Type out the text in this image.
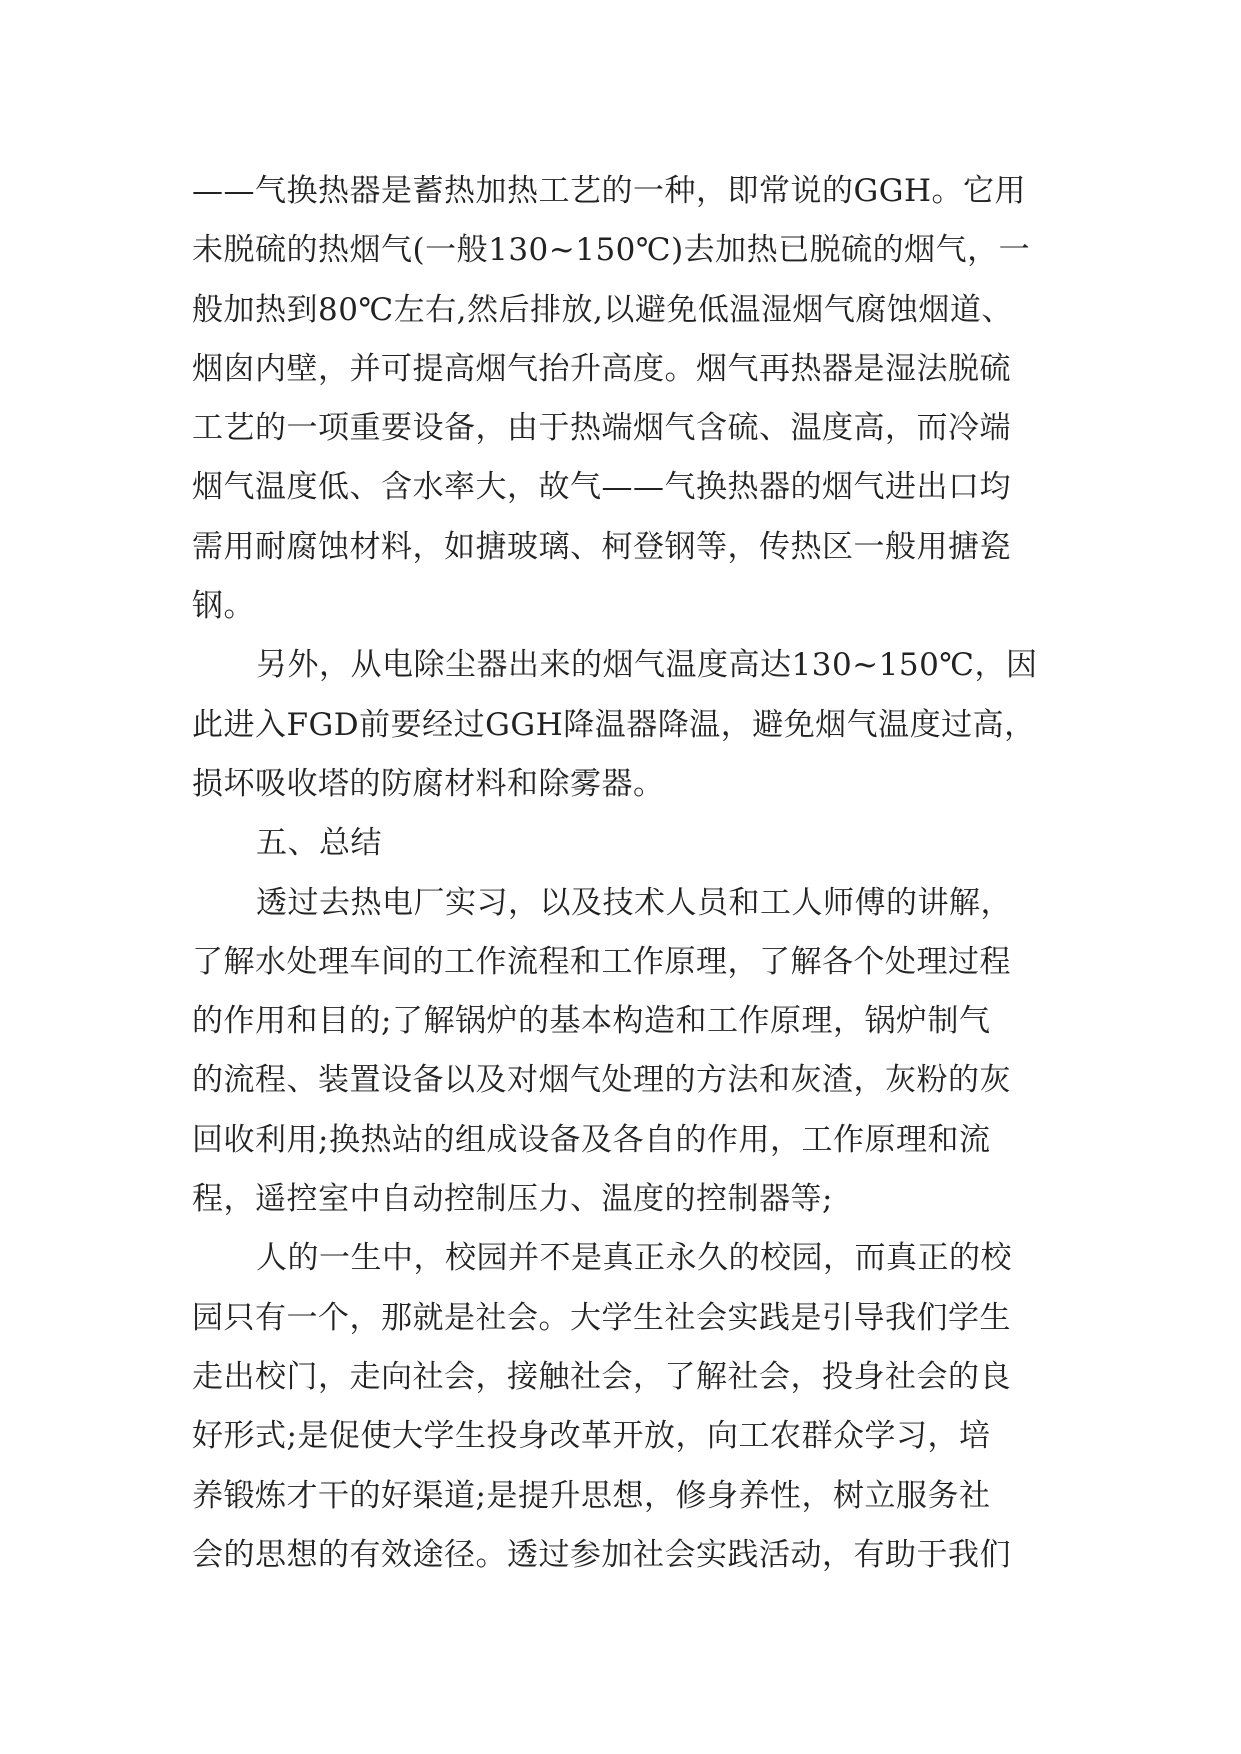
——气换热器是蓄热加热工艺的一种，即常说的GGH。它用
未脱硫的热烟气(一般130~150℃)去加热已脱硫的烟气，一
般加热到80℃左右,然后排放,以避免低温湿烟气腐蚀烟道、
烟囱内壁，并可提高烟气抬升高度。烟气再热器是湿法脱硫
工艺的一项重要设备，由于热端烟气含硫、温度高，而冷端
烟气温度低、含水率大，故气——气换热器的烟气进出口均
需用耐腐蚀材料，如搪玻璃、柯登钢等，传热区一般用搪瓷
钢。
另外，从电除尘器出来的烟气温度高达130~150℃，因
此进入FGD前要经过GGH降温器降温，避免烟气温度过高，
损坏吸收塔的防腐材料和除雾器。
五、总结
透过去热电厂实习，以及技术人员和工人师傅的讲解，
了解水处理车间的工作流程和工作原理，了解各个处理过程
的作用和目的;了解锅炉的基本构造和工作原理，锅炉制气
的流程、装置设备以及对烟气处理的方法和灰渣，灰粉的灰
回收利用;换热站的组成设备及各自的作用，工作原理和流
程，遥控室中自动控制压力、温度的控制器等;
人的一生中，校园并不是真正永久的校园，而真正的校
园只有一个，那就是社会。大学生社会实践是引导我们学生
走出校门，走向社会，接触社会，了解社会，投身社会的良
好形式;是促使大学生投身改革开放，向工农群众学习，培
养锻炼才干的好渠道;是提升思想，修身养性，树立服务社
会的思想的有效途径。透过参加社会实践活动，有助于我们
